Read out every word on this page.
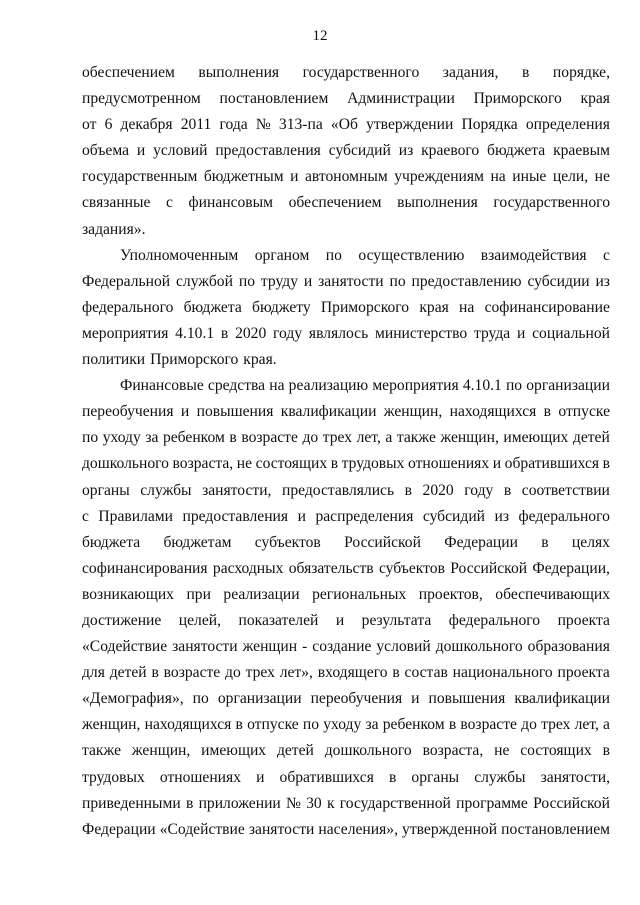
12
обеспечением выполнения государственного задания, в порядке,
предусмотренном постановлением Администрации Приморского края
от 6 декабря 2011 года № 313-па «Об утверждении Порядка определения
объема и условий предоставления субсидий из краевого бюджета краевым
государственным бюджетным и автономным учреждениям на иные цели, не
связанные с финансовым обеспечением выполнения государственного
задания».
Уполномоченным органом по осуществлению взаимодействия с
Федеральной службой по труду и занятости по предоставлению субсидии из
федерального бюджета бюджету Приморского края на софинансирование
мероприятия 4.10.1 в 2020 году являлось министерство труда и социальной
политики Приморского края.
Финансовые средства на реализацию мероприятия 4.10.1 по организации
переобучения и повышения квалификации женщин, находящихся в отпуске
по уходу за ребенком в возрасте до трех лет, а также женщин, имеющих детей
дошкольного возраста, не состоящих в трудовых отношениях и обратившихся в
органы службы занятости, предоставлялись в 2020 году в соответствии
с Правилами предоставления и распределения субсидий из федерального
бюджета бюджетам субъектов Российской Федерации в целях
софинансирования расходных обязательств субъектов Российской Федерации,
возникающих при реализации региональных проектов, обеспечивающих
достижение целей, показателей и результата федерального проекта
«Содействие занятости женщин - создание условий дошкольного образования
для детей в возрасте до трех лет», входящего в состав национального проекта
«Демография», по организации переобучения и повышения квалификации
женщин, находящихся в отпуске по уходу за ребенком в возрасте до трех лет, а
также женщин, имеющих детей дошкольного возраста, не состоящих в
трудовых отношениях и обратившихся в органы службы занятости,
приведенными в приложении № 30 к государственной программе Российской
Федерации «Содействие занятости населения», утвержденной постановлением
